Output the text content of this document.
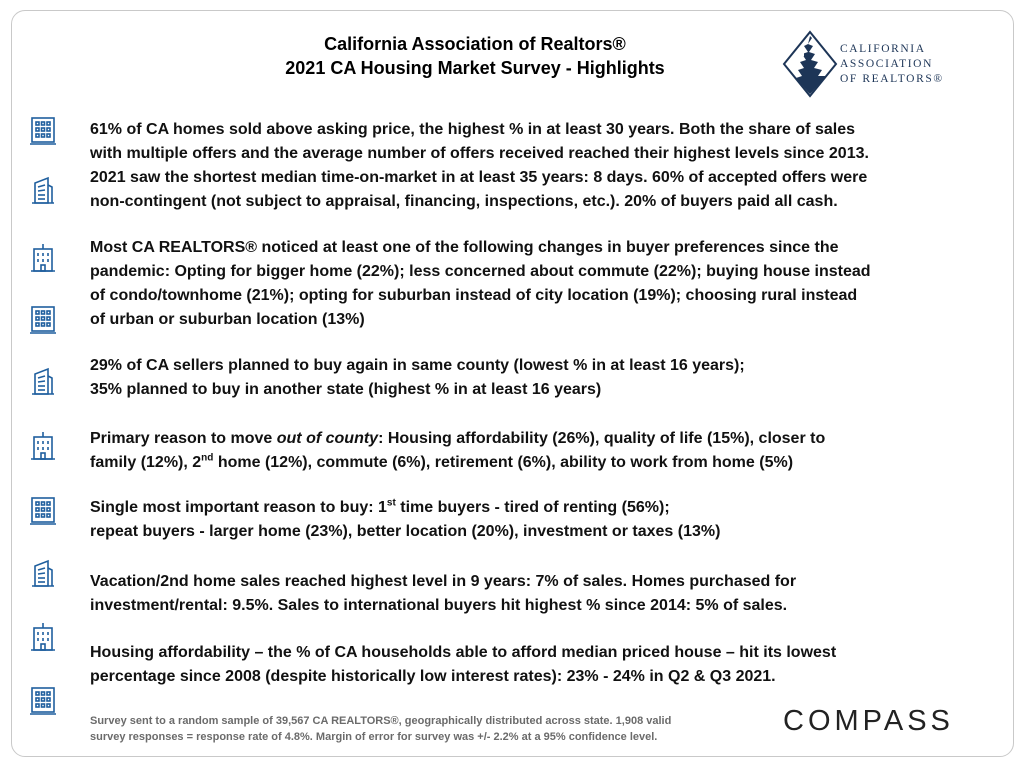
California Association of Realtors®
2021 CA Housing Market Survey - Highlights
CALIFORNIA
ASSOCIATION
OF REALTORS®
61% of CA homes sold above asking price, the highest % in at least 30 years. Both the share of sales
with multiple offers and the average number of offers received reached their highest levels since 2013.
2021 saw the shortest median time-on-market in at least 35 years: 8 days. 60% of accepted offers were
non-contingent (not subject to appraisal, financing, inspections, etc.). 20% of buyers paid all cash.
Most CA REALTORS® noticed at least one of the following changes in buyer preferences since the
pandemic: Opting for bigger home (22%); less concerned about commute (22%); buying house instead
of condo/townhome (21%); opting for suburban instead of city location (19%); choosing rural instead
of urban or suburban location (13%)
29% of CA sellers planned to buy again in same county (lowest % in at least 16 years);
35% planned to buy in another state (highest % in at least 16 years)
Primary reason to move out of county: Housing affordability (26%), quality of life (15%), closer to
family (12%), 2nd home (12%), commute (6%), retirement (6%), ability to work from home (5%)
Single most important reason to buy: 1st time buyers - tired of renting (56%);
repeat buyers - larger home (23%), better location (20%), investment or taxes (13%)
Vacation/2nd home sales reached highest level in 9 years: 7% of sales. Homes purchased for
investment/rental: 9.5%. Sales to international buyers hit highest % since 2014: 5% of sales.
Housing affordability – the % of CA households able to afford median priced house – hit its lowest
percentage since 2008 (despite historically low interest rates): 23% - 24% in Q2 & Q3 2021.
Survey sent to a random sample of 39,567 CA REALTORS®, geographically distributed across state. 1,908 valid
survey responses = response rate of 4.8%. Margin of error for survey was +/- 2.2% at a 95% confidence level.	COMPASS
